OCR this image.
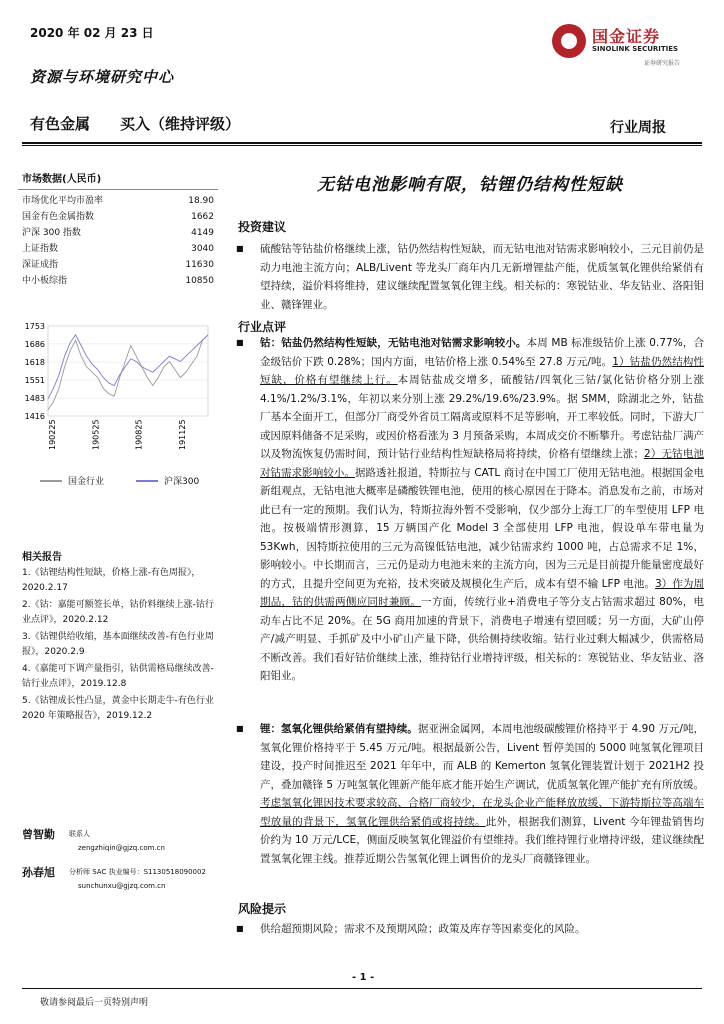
2020 年 02 月 23 日	国金证券
SINOLINK SECURITIES
证券研究报告
资源与环境研究中心
有色金属 买入（维持评级）	行业周报
市场数据(人民币)
市场优化平均市盈率	18.90
国金有色金属指数	1662
沪深 300 指数	4149
上证指数	3040
深证成指	11630
中小板综指	10850
1753
1686
1618
1551
1483
1416
190225	190525	190825	191125
国金行业	沪深300
相关报告
1.《钴锂结构性短缺，价格上涨-有色周报》，2020.2.17
2.《钴：嘉能可额签长单，钴价料继续上涨-钴行业点评》，2020.2.12
3.《钴锂供给收缩，基本面继续改善-有色行业周报》，2020.2.9
4.《嘉能可下调产量指引，钴供需格局继续改善-钴行业点评》，2019.12.8
5.《钴锂成长性凸显，黄金中长期走牛-有色行业 2020 年策略报告》，2019.12.2
曾智勤 联系人
zengzhiqin@gjzq.com.cn
孙春旭 分析师 SAC 执业编号：S1130518090002
sunchunxu@gjzq.com.cn
无钴电池影响有限，钴锂仍结构性短缺
投资建议
■ 硫酸钴等钴盐价格继续上涨，钴仍然结构性短缺，而无钴电池对钴需求影响较小，三元目前仍是动力电池主流方向；ALB/Livent 等龙头厂商年内几无新增锂盐产能，优质氢氧化锂供给紧俏有望持续，溢价料将维持，建议继续配置氢氧化锂主线。相关标的：寒锐钴业、华友钴业、洛阳钼业、赣锋锂业。
行业点评
■ 钴：钴盐仍然结构性短缺，无钴电池对钴需求影响较小。本周 MB 标准级钴价上涨 0.77%，合金级钴价下跌 0.28%；国内方面，电钴价格上涨 0.54%至 27.8 万元/吨。1）钴盐仍然结构性短缺，价格有望继续上行。本周钴盐成交增多，硫酸钴/四氧化三钴/氯化钴价格分别上涨 4.1%/1.2%/3.1%，年初以来分别上涨 29.2%/19.6%/23.9%。据 SMM，除湖北之外，钴盐厂基本全面开工，但部分厂商受外省员工隔离或原料不足等影响，开工率较低。同时，下游大厂或因原料储备不足采购，或因价格看涨为 3 月预备采购，本周成交价不断攀升。考虑钴盐厂满产以及物流恢复仍需时间，预计钴行业结构性短缺格局将持续，价格有望继续上涨；2）无钴电池对钴需求影响较小。据路透社报道，特斯拉与 CATL 商讨在中国工厂使用无钴电池。根据国金电新组观点，无钴电池大概率是磷酸铁锂电池，使用的核心原因在于降本。消息发布之前，市场对此已有一定的预期。我们认为，特斯拉海外暂不受影响，仅少部分上海工厂的车型使用 LFP 电池。按极端情形测算，15 万辆国产化 Model 3 全部使用 LFP 电池，假设单车带电量为 53Kwh，因特斯拉使用的三元为高镍低钴电池，减少钴需求约 1000 吨，占总需求不足 1%，影响较小。中长期而言，三元仍是动力电池未来的主流方向，因为三元是目前提升能量密度最好的方式，且提升空间更为充裕，技术突破及规模化生产后，成本有望不输 LFP 电池。3）作为周期品，钴的供需两侧应同时兼顾。一方面，传统行业+消费电子等分支占钴需求超过 80%，电动车占比不足 20%。在 5G 商用加速的背景下，消费电子增速有望回暖；另一方面，大矿山停产/减产明显、手抓矿及中小矿山产量下降，供给侧持续收缩。钴行业过剩大幅减少，供需格局不断改善。我们看好钴价继续上涨，维持钴行业增持评级，相关标的：寒锐钴业、华友钴业、洛阳钼业。
■ 锂：氢氧化锂供给紧俏有望持续。据亚洲金属网，本周电池级碳酸锂价格持平于 4.90 万元/吨，氢氧化锂价格持平于 5.45 万元/吨。根据最新公告，Livent 暂停美国的 5000 吨氢氧化锂项目建设，投产时间推迟至 2021 年年中，而 ALB 的 Kemerton 氢氧化锂装置计划于 2021H2 投产，叠加赣锋 5 万吨氢氧化锂新产能年底才能开始生产调试，优质氢氧化锂产能扩充有所放缓。考虑氢氧化锂因技术要求较高、合格厂商较少，在龙头企业产能释放放缓、下游特斯拉等高端车型放量的背景下，氢氧化锂供给紧俏或将持续。此外，根据我们测算，Livent 今年锂盐销售均价约为 10 万元/LCE，侧面反映氢氧化锂溢价有望维持。我们维持锂行业增持评级，建议继续配置氢氧化锂主线。推荐近期公告氢氧化锂上调售价的龙头厂商赣锋锂业。
风险提示
■ 供给超预期风险；需求不及预期风险；政策及库存等因素变化的风险。
- 1 -
敬请参阅最后一页特别声明
